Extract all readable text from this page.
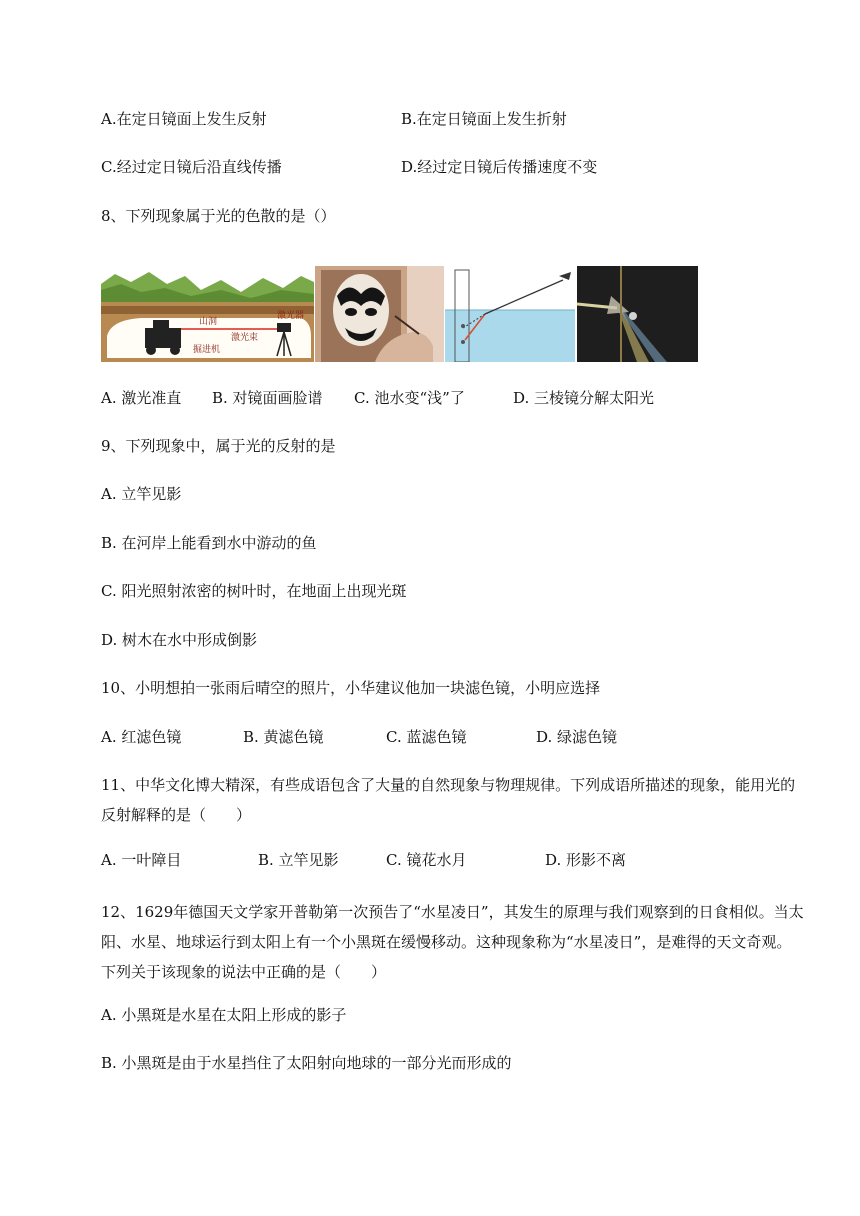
A.在定日镜面上发生反射	B.在定日镜面上发生折射
C.经过定日镜后沿直线传播	D.经过定日镜后传播速度不变
8、下列现象属于光的色散的是（）
山洞
激光器
激光束
掘进机
A. 激光准直 B. 对镜面画脸谱 C. 池水变“浅”了	D. 三棱镜分解太阳光
9、下列现象中，属于光的反射的是
A. 立竿见影
B. 在河岸上能看到水中游动的鱼
C. 阳光照射浓密的树叶时，在地面上出现光斑
D. 树木在水中形成倒影
10、小明想拍一张雨后晴空的照片，小华建议他加一块滤色镜，小明应选择
A. 红滤色镜	B. 黄滤色镜	C. 蓝滤色镜	D. 绿滤色镜
11、中华文化博大精深，有些成语包含了大量的自然现象与物理规律。下列成语所描述的现象，能用光的反射解释的是（　　）
A. 一叶障目	B. 立竿见影	C. 镜花水月	D. 形影不离
12、1629年德国天文学家开普勒第一次预告了“水星凌日”，其发生的原理与我们观察到的日食相似。当太阳、水星、地球运行到太阳上有一个小黑斑在缓慢移动。这种现象称为“水星凌日”，是难得的天文奇观。下列关于该现象的说法中正确的是（　　）
A. 小黑斑是水星在太阳上形成的影子
B. 小黑斑是由于水星挡住了太阳射向地球的一部分光而形成的
